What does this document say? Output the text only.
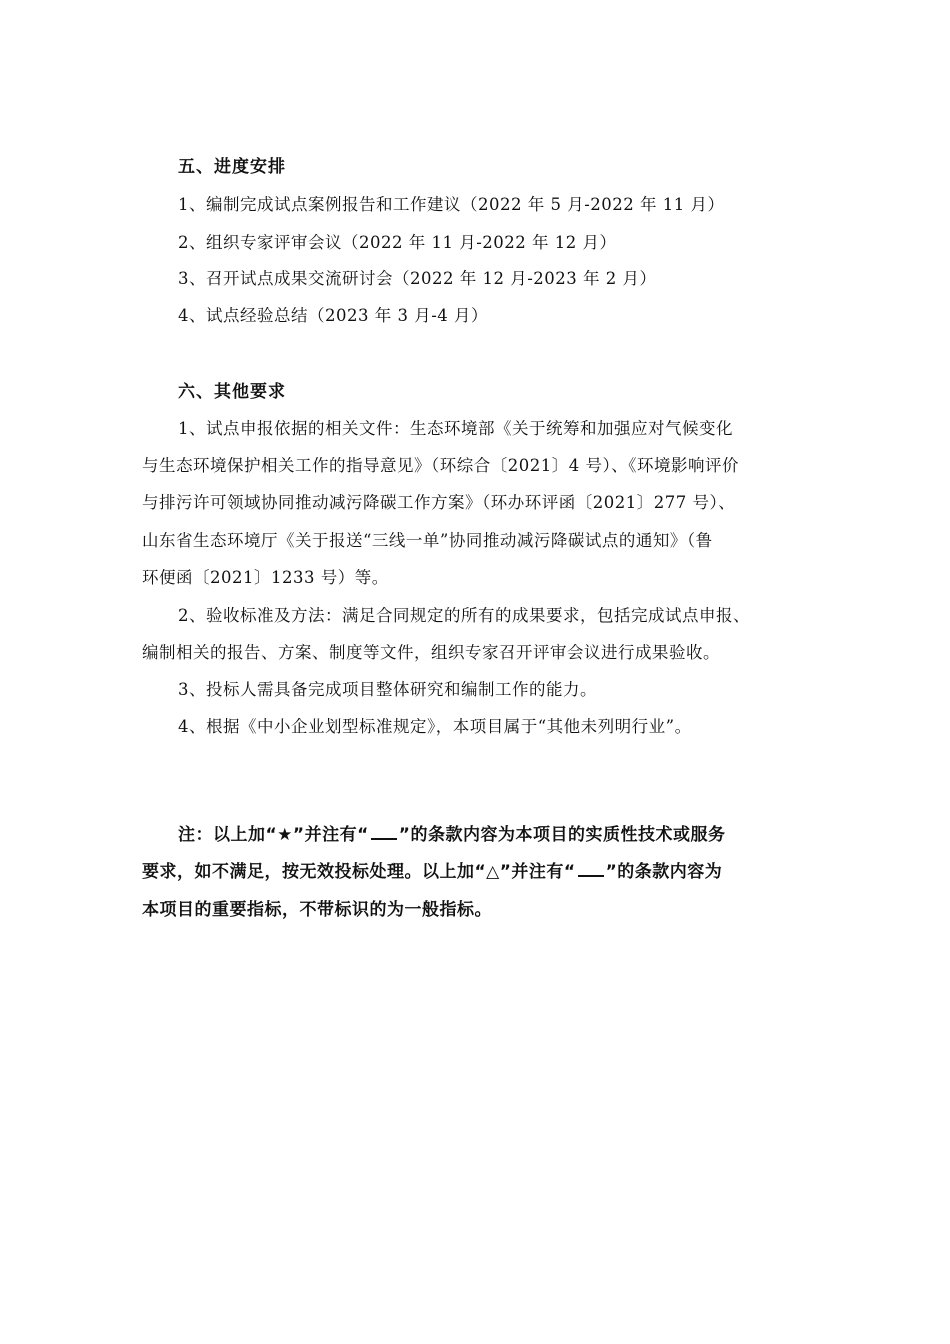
五、进度安排
1、编制完成试点案例报告和工作建议（2022 年 5 月-2022 年 11 月）
2、组织专家评审会议（2022 年 11 月-2022 年 12 月）
3、召开试点成果交流研讨会（2022 年 12 月-2023 年 2 月）
4、试点经验总结（2023 年 3 月-4 月）
六、其他要求
1、试点申报依据的相关文件：生态环境部《关于统筹和加强应对气候变化
与生态环境保护相关工作的指导意见》（环综合〔2021〕4 号）、《环境影响评价
与排污许可领域协同推动减污降碳工作方案》（环办环评函〔2021〕277 号）、
山东省生态环境厅《关于报送“三线一单”协同推动减污降碳试点的通知》（鲁
环便函〔2021〕1233 号）等。
2、验收标准及方法：满足合同规定的所有的成果要求，包括完成试点申报、
编制相关的报告、方案、制度等文件，组织专家召开评审会议进行成果验收。
3、投标人需具备完成项目整体研究和编制工作的能力。
4、根据《中小企业划型标准规定》，本项目属于“其他未列明行业”。
注：以上加“★”并注有“ ”的条款内容为本项目的实质性技术或服务
要求，如不满足，按无效投标处理。以上加“△”并注有“ ”的条款内容为
本项目的重要指标，不带标识的为一般指标。
